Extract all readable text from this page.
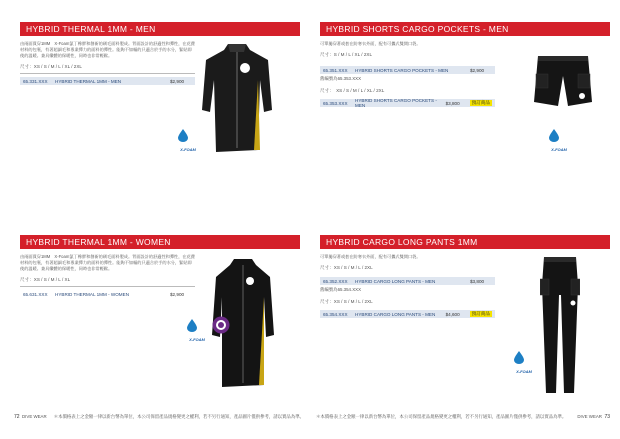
HYBRID THERMAL 1MM - MEN
由兩面貫穿1MM　X-Foam氯丁橡膠和創新的刷毛面料製成。背面設計的舒適性和彈性，在花費材料的包裹，有著超細毛和專業彈力的面料的彈性。能夠不如幅的只適合於手的水分，緊貼即使的溫暖。兼具纖體的保暖性，同時也非常輕鬆。
尺寸：XS / S / M / L / XL / 2XL
65.331.XXX	HYBRID THERMAL 1MM - MEN	$2,900
X-FOAM
HYBRID THERMAL 1MM - WOMEN
由兩面貫穿1MM　X-Foam氯丁橡膠和創新的刷毛面料製成。背面設計的舒適性和彈性，在花費材料的包裹，有著超細毛和專業彈力的面料的彈性。能夠不如幅的只適合於手的水分，緊貼即使的溫暖。兼具纖體的保暖性，同時也非常輕鬆。
尺寸：XS / S / M / L / XL
65.631.XXX	HYBRID THERMAL 1MM - WOMEN	$2,900
X-FOAM
72 DIVE WEAR ＊本價格表上之金額一律以新台幣為單位，本公司保留產品規格變更之權利，若不另行通知，產品圖片僅供參考，請以實品為準。
HYBRID SHORTS CARGO POCKETS - MEN
可單獨穿著或套在防寒衣外面，配有可攜式雙開口袋。
尺寸：S / M / L / XL / 2XL
65.351.XXX	HYBRID SHORTS CARGO POCKETS - MEN	$2,900
舊編號為65.353.XXX
尺寸：　XS / S / M / L / XL / 2XL
65.353.XXX	HYBRID SHORTS CARGO POCKETS - MEN	$3,800	預訂商品
X-FOAM
HYBRID CARGO LONG PANTS 1MM
可單獨穿著或套在防寒衣外面，配有可攜式雙開口袋。
尺寸：XS / S / M / L / 2XL
65.352.XXX	HYBRID CARGO LONG PANTS - MEN	$3,800
舊編號為65.354.XXX
尺寸：XS / S / M / L / 2XL
65.354.XXX	HYBRID CARGO LONG PANTS - MEN	$4,600	預訂商品
X-FOAM
＊本價格表上之金額一律以新台幣為單位，本公司保留產品規格變更之權利，若不另行通知，產品圖片僅供參考，請以實品為準。	DIVE WEAR 73
